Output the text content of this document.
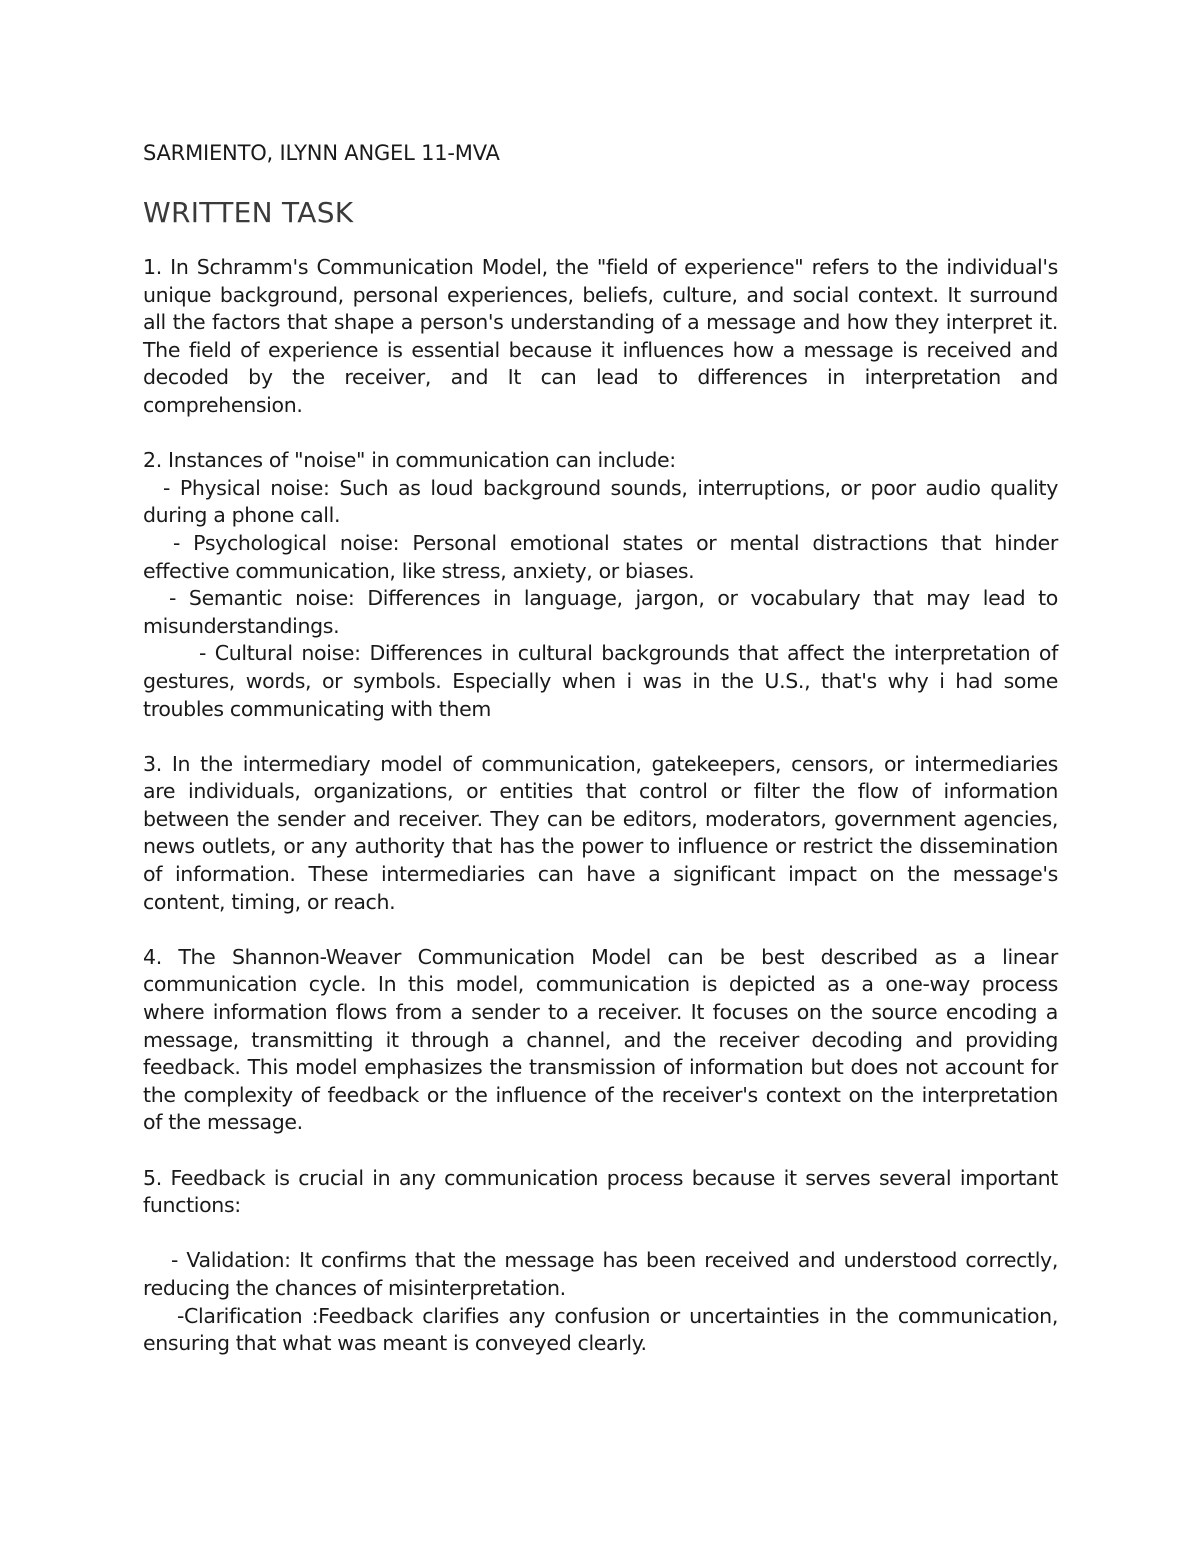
SARMIENTO, ILYNN ANGEL 11-MVA
WRITTEN TASK

1. In Schramm's Communication Model, the "field of experience" refers to the individual's unique background, personal experiences, beliefs, culture, and social context. It surround all the factors that shape a person's understanding of a message and how they interpret it. The field of experience is essential because it influences how a message is received and decoded by the receiver, and It can lead to differences in interpretation and comprehension.

2. Instances of "noise" in communication can include:

- Physical noise: Such as loud background sounds, interruptions, or poor audio quality during a phone call.

- Psychological noise: Personal emotional states or mental distractions that hinder effective communication, like stress, anxiety, or biases.

- Semantic noise: Differences in language, jargon, or vocabulary that may lead to misunderstandings.

- Cultural noise: Differences in cultural backgrounds that affect the interpretation of gestures, words, or symbols. Especially when i was in the U.S., that's why i had some troubles communicating with them

3. In the intermediary model of communication, gatekeepers, censors, or intermediaries are individuals, organizations, or entities that control or filter the flow of information between the sender and receiver. They can be editors, moderators, government agencies, news outlets, or any authority that has the power to influence or restrict the dissemination of information. These intermediaries can have a significant impact on the message's content, timing, or reach.

4. The Shannon-Weaver Communication Model can be best described as a linear communication cycle. In this model, communication is depicted as a one-way process where information flows from a sender to a receiver. It focuses on the source encoding a message, transmitting it through a channel, and the receiver decoding and providing feedback. This model emphasizes the transmission of information but does not account for the complexity of feedback or the influence of the receiver's context on the interpretation of the message.

5. Feedback is crucial in any communication process because it serves several important functions:

- Validation: It confirms that the message has been received and understood correctly, reducing the chances of misinterpretation.

-Clarification :Feedback clarifies any confusion or uncertainties in the communication, ensuring that what was meant is conveyed clearly.
